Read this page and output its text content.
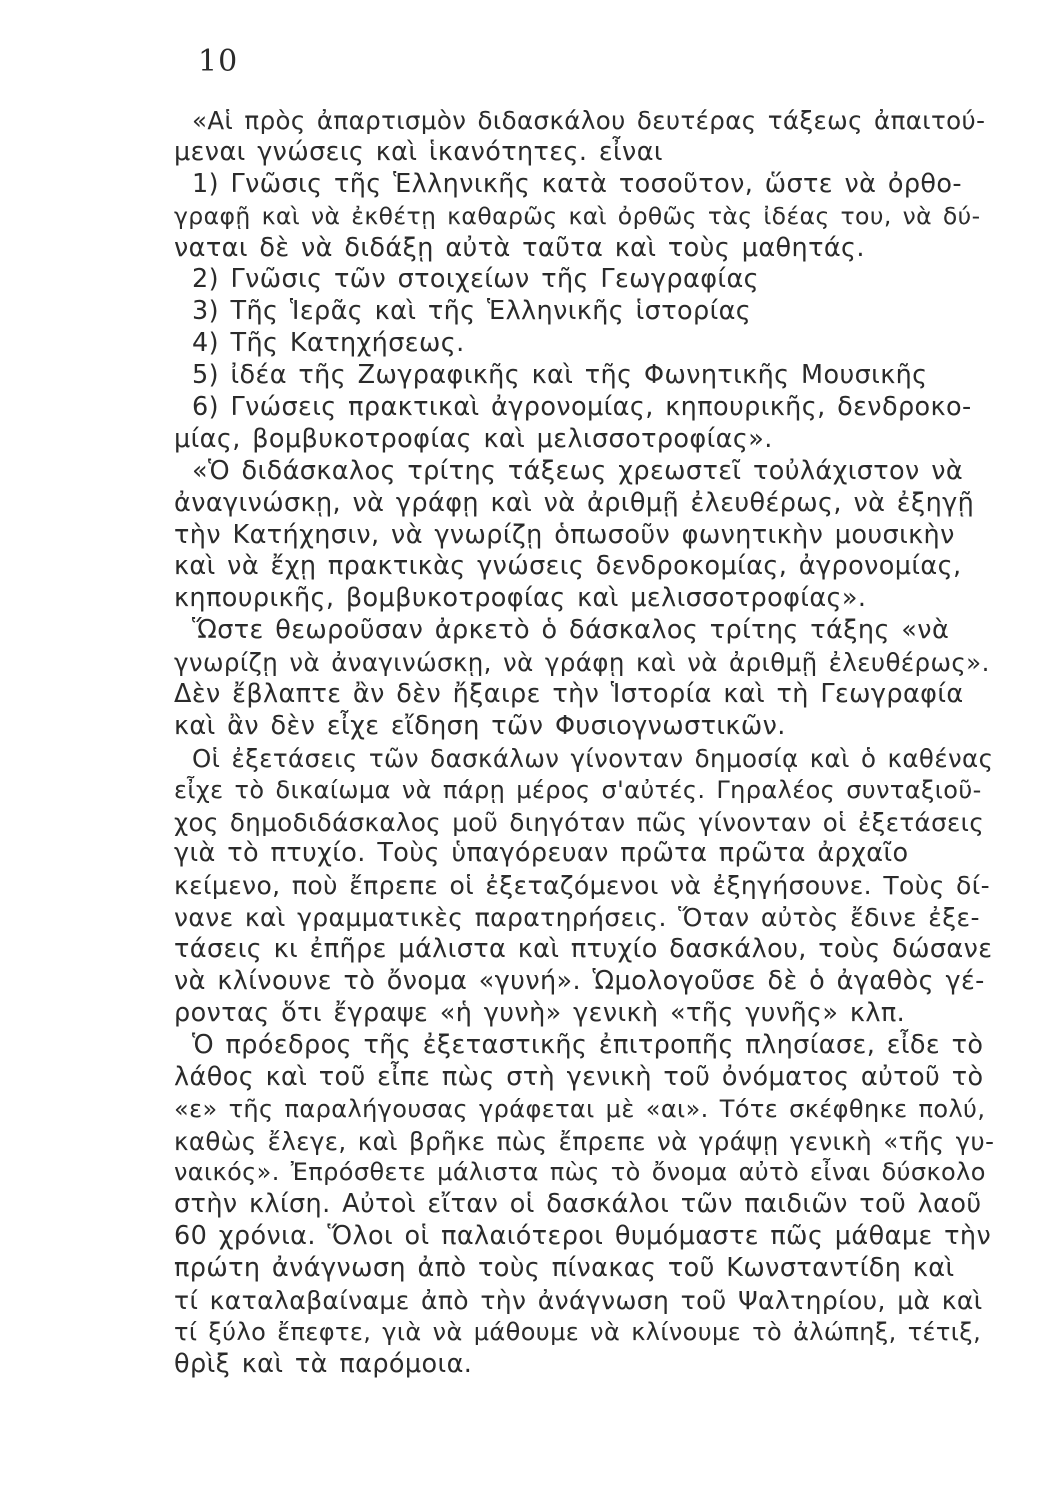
10
«Αἱ πρὸς ἀπαρτισμὸν διδασκάλου δευτέρας τάξεως ἀπαιτού-
μεναι γνώσεις καὶ ἱκανότητες. εἶναι
1) Γνῶσις τῆς Ἑλληνικῆς κατὰ τοσοῦτον, ὥστε νὰ ὀρθο-
γραφῇ καὶ νὰ ἐκθέτῃ καθαρῶς καὶ ὀρθῶς τὰς ἰδέας του, νὰ δύ-
ναται δὲ νὰ διδάξῃ αὐτὰ ταῦτα καὶ τοὺς μαθητάς.
2) Γνῶσις τῶν στοιχείων τῆς Γεωγραφίας
3) Τῆς Ἱερᾶς καὶ τῆς Ἑλληνικῆς ἱστορίας
4) Τῆς Κατηχήσεως.
5) ἰδέα τῆς Ζωγραφικῆς καὶ τῆς Φωνητικῆς Μουσικῆς
6) Γνώσεις πρακτικαὶ ἀγρονομίας, κηπουρικῆς, δενδροκο-
μίας, βομβυκοτροφίας καὶ μελισσοτροφίας».
«Ὁ διδάσκαλος τρίτης τάξεως χρεωστεῖ τοὐλάχιστον νὰ
ἀναγινώσκῃ, νὰ γράφῃ καὶ νὰ ἀριθμῇ ἐλευθέρως, νὰ ἐξηγῇ
τὴν Κατήχησιν, νὰ γνωρίζῃ ὁπωσοῦν φωνητικὴν μουσικὴν
καὶ νὰ ἔχῃ πρακτικὰς γνώσεις δενδροκομίας, ἀγρονομίας,
κηπουρικῆς, βομβυκοτροφίας καὶ μελισσοτροφίας».
Ὥστε θεωροῦσαν ἀρκετὸ ὁ δάσκαλος τρίτης τάξης «νὰ
γνωρίζῃ νὰ ἀναγινώσκῃ, νὰ γράφῃ καὶ νὰ ἀριθμῇ ἐλευθέρως».
Δὲν ἔβλαπτε ἂν δὲν ἤξαιρε τὴν Ἱστορία καὶ τὴ Γεωγραφία
καὶ ἂν δὲν εἶχε εἴδηση τῶν Φυσιογνωστικῶν.
Οἱ ἐξετάσεις τῶν δασκάλων γίνονταν δημοσίᾳ καὶ ὁ καθένας
εἶχε τὸ δικαίωμα νὰ πάρῃ μέρος σ'αὐτές. Γηραλέος συνταξιοῦ-
χος δημοδιδάσκαλος μοῦ διηγόταν πῶς γίνονταν οἱ ἐξετάσεις
γιὰ τὸ πτυχίο. Τοὺς ὑπαγόρευαν πρῶτα πρῶτα ἀρχαῖο
κείμενο, ποὺ ἔπρεπε οἱ ἐξεταζόμενοι νὰ ἐξηγήσουνε. Τοὺς δί-
νανε καὶ γραμματικὲς παρατηρήσεις. Ὅταν αὐτὸς ἔδινε ἐξε-
τάσεις κι ἐπῆρε μάλιστα καὶ πτυχίο δασκάλου, τοὺς δώσανε
νὰ κλίνουνε τὸ ὄνομα «γυνή». Ὡμολογοῦσε δὲ ὁ ἀγαθὸς γέ-
ροντας ὅτι ἔγραψε «ἡ γυνὴ» γενικὴ «τῆς γυνῆς» κλπ.
Ὁ πρόεδρος τῆς ἐξεταστικῆς ἐπιτροπῆς πλησίασε, εἶδε τὸ
λάθος καὶ τοῦ εἶπε πὼς στὴ γενικὴ τοῦ ὀνόματος αὐτοῦ τὸ
«ε» τῆς παραλήγουσας γράφεται μὲ «αι». Τότε σκέφθηκε πολύ,
καθὼς ἔλεγε, καὶ βρῆκε πὼς ἔπρεπε νὰ γράψῃ γενικὴ «τῆς γυ-
ναικός». Ἐπρόσθετε μάλιστα πὼς τὸ ὄνομα αὐτὸ εἶναι δύσκολο
στὴν κλίση. Αὐτοὶ εἴταν οἱ δασκάλοι τῶν παιδιῶν τοῦ λαοῦ
60 χρόνια. Ὅλοι οἱ παλαιότεροι θυμόμαστε πῶς μάθαμε τὴν
πρώτη ἀνάγνωση ἀπὸ τοὺς πίνακας τοῦ Κωνσταντίδη καὶ
τί καταλαβαίναμε ἀπὸ τὴν ἀνάγνωση τοῦ Ψαλτηρίου, μὰ καὶ
τί ξύλο ἔπεφτε, γιὰ νὰ μάθουμε νὰ κλίνουμε τὸ ἀλώπηξ, τέτιξ,
θρὶξ καὶ τὰ παρόμοια.
